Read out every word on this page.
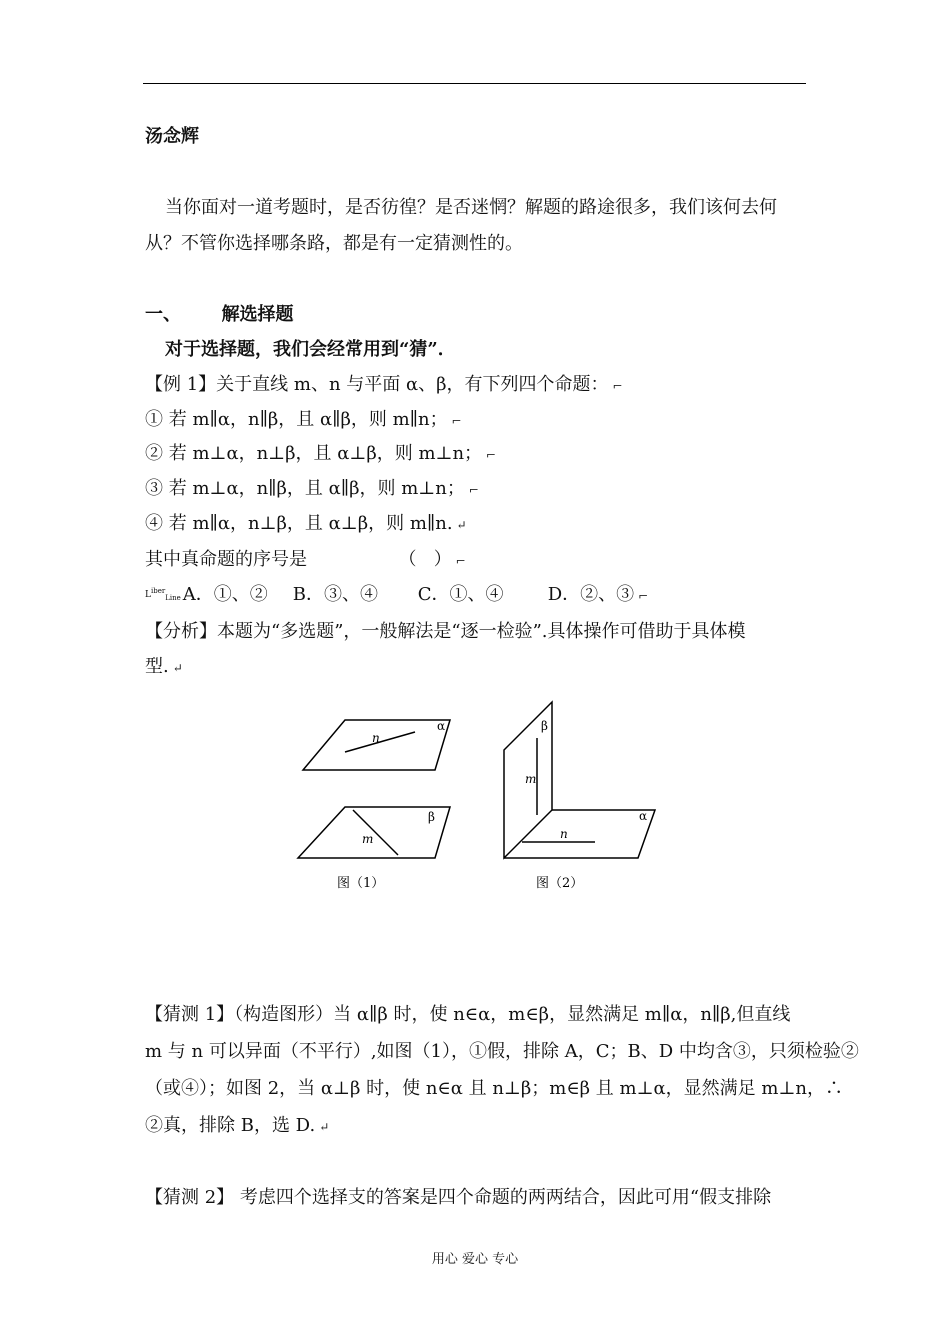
汤念辉
当你面对一道考题时，是否彷徨？是否迷惘？解题的路途很多，我们该何去何
从？不管你选择哪条路，都是有一定猜测性的。
一、 解选择题
对于选择题，我们会经常用到“猜”．
【例 1】关于直线 m、n 与平面 α、β，有下列四个命题： ⌐
① 若 m∥α，n∥β，且 α∥β，则 m∥n； ⌐
② 若 m⊥α，n⊥β，且 α⊥β，则 m⊥n； ⌐
③ 若 m⊥α，n∥β，且 α∥β，则 m⊥n； ⌐
④ 若 m∥α，n⊥β，且 α⊥β，则 m∥n. ↵
其中真命题的序号是                （   ） ⌐
$L^{iber}_{Line}$ A．①、② B．③、④ C．①、④ D．②、③ ⌐
【分析】本题为“多选题”，一般解法是“逐一检验”.具体操作可借助于具体模
型. ↵
n
α
m
β
m
β
n
α
图（1）	图（2）
【猜测 1】（构造图形）当 α∥β 时，使 n∈α，m∈β，显然满足 m∥α，n∥β,但直线
m 与 n 可以异面（不平行）,如图（1），①假，排除 A，C；B、D 中均含③，只须检验②
（或④）；如图 2，当 α⊥β 时，使 n∈α 且 n⊥β；m∈β 且 m⊥α，显然满足 m⊥n，∴
②真，排除 B，选 D. ↵
【猜测 2】 考虑四个选择支的答案是四个命题的两两结合，因此可用“假支排除
用心 爱心 专心
